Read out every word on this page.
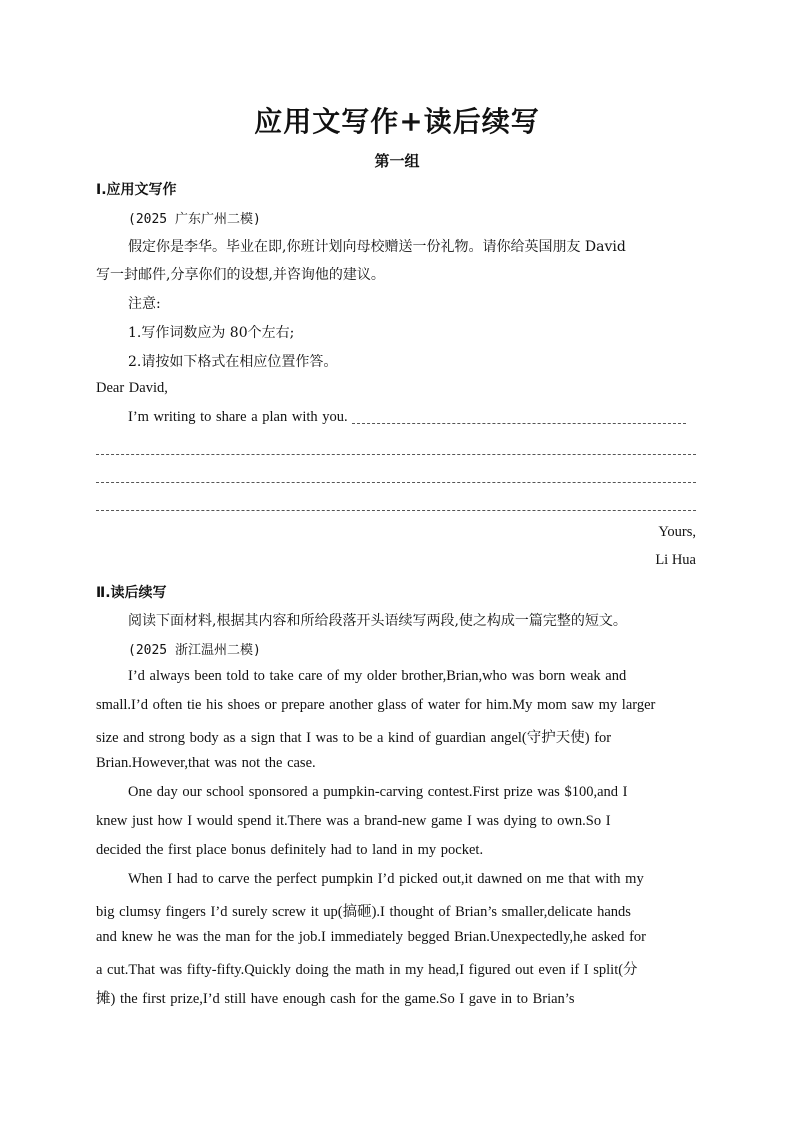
应用文写作+读后续写
第一组
Ⅰ.应用文写作
(2025 广东广州二模)
假定你是李华。毕业在即,你班计划向母校赠送一份礼物。请你给英国朋友 David
写一封邮件,分享你们的设想,并咨询他的建议。
注意:
1.写作词数应为 80个左右;
2.请按如下格式在相应位置作答。
Dear David,
I’m writing to share a plan with you.
Yours,
Li Hua
Ⅱ.读后续写
阅读下面材料,根据其内容和所给段落开头语续写两段,使之构成一篇完整的短文。
(2025 浙江温州二模)
I’d always been told to take care of my older brother,Brian,who was born weak and
small.I’d often tie his shoes or prepare another glass of water for him.My mom saw my larger
size and strong body as a sign that I was to be a kind of guardian angel(守护天使) for
Brian.However,that was not the case.
One day our school sponsored a pumpkin-carving contest.First prize was $100,and I
knew just how I would spend it.There was a brand-new game I was dying to own.So I
decided the first place bonus definitely had to land in my pocket.
When I had to carve the perfect pumpkin I’d picked out,it dawned on me that with my
big clumsy fingers I’d surely screw it up(搞砸).I thought of Brian’s smaller,delicate hands
and knew he was the man for the job.I immediately begged Brian.Unexpectedly,he asked for
a cut.That was fifty-fifty.Quickly doing the math in my head,I figured out even if I split(分
摊) the first prize,I’d still have enough cash for the game.So I gave in to Brian’s
